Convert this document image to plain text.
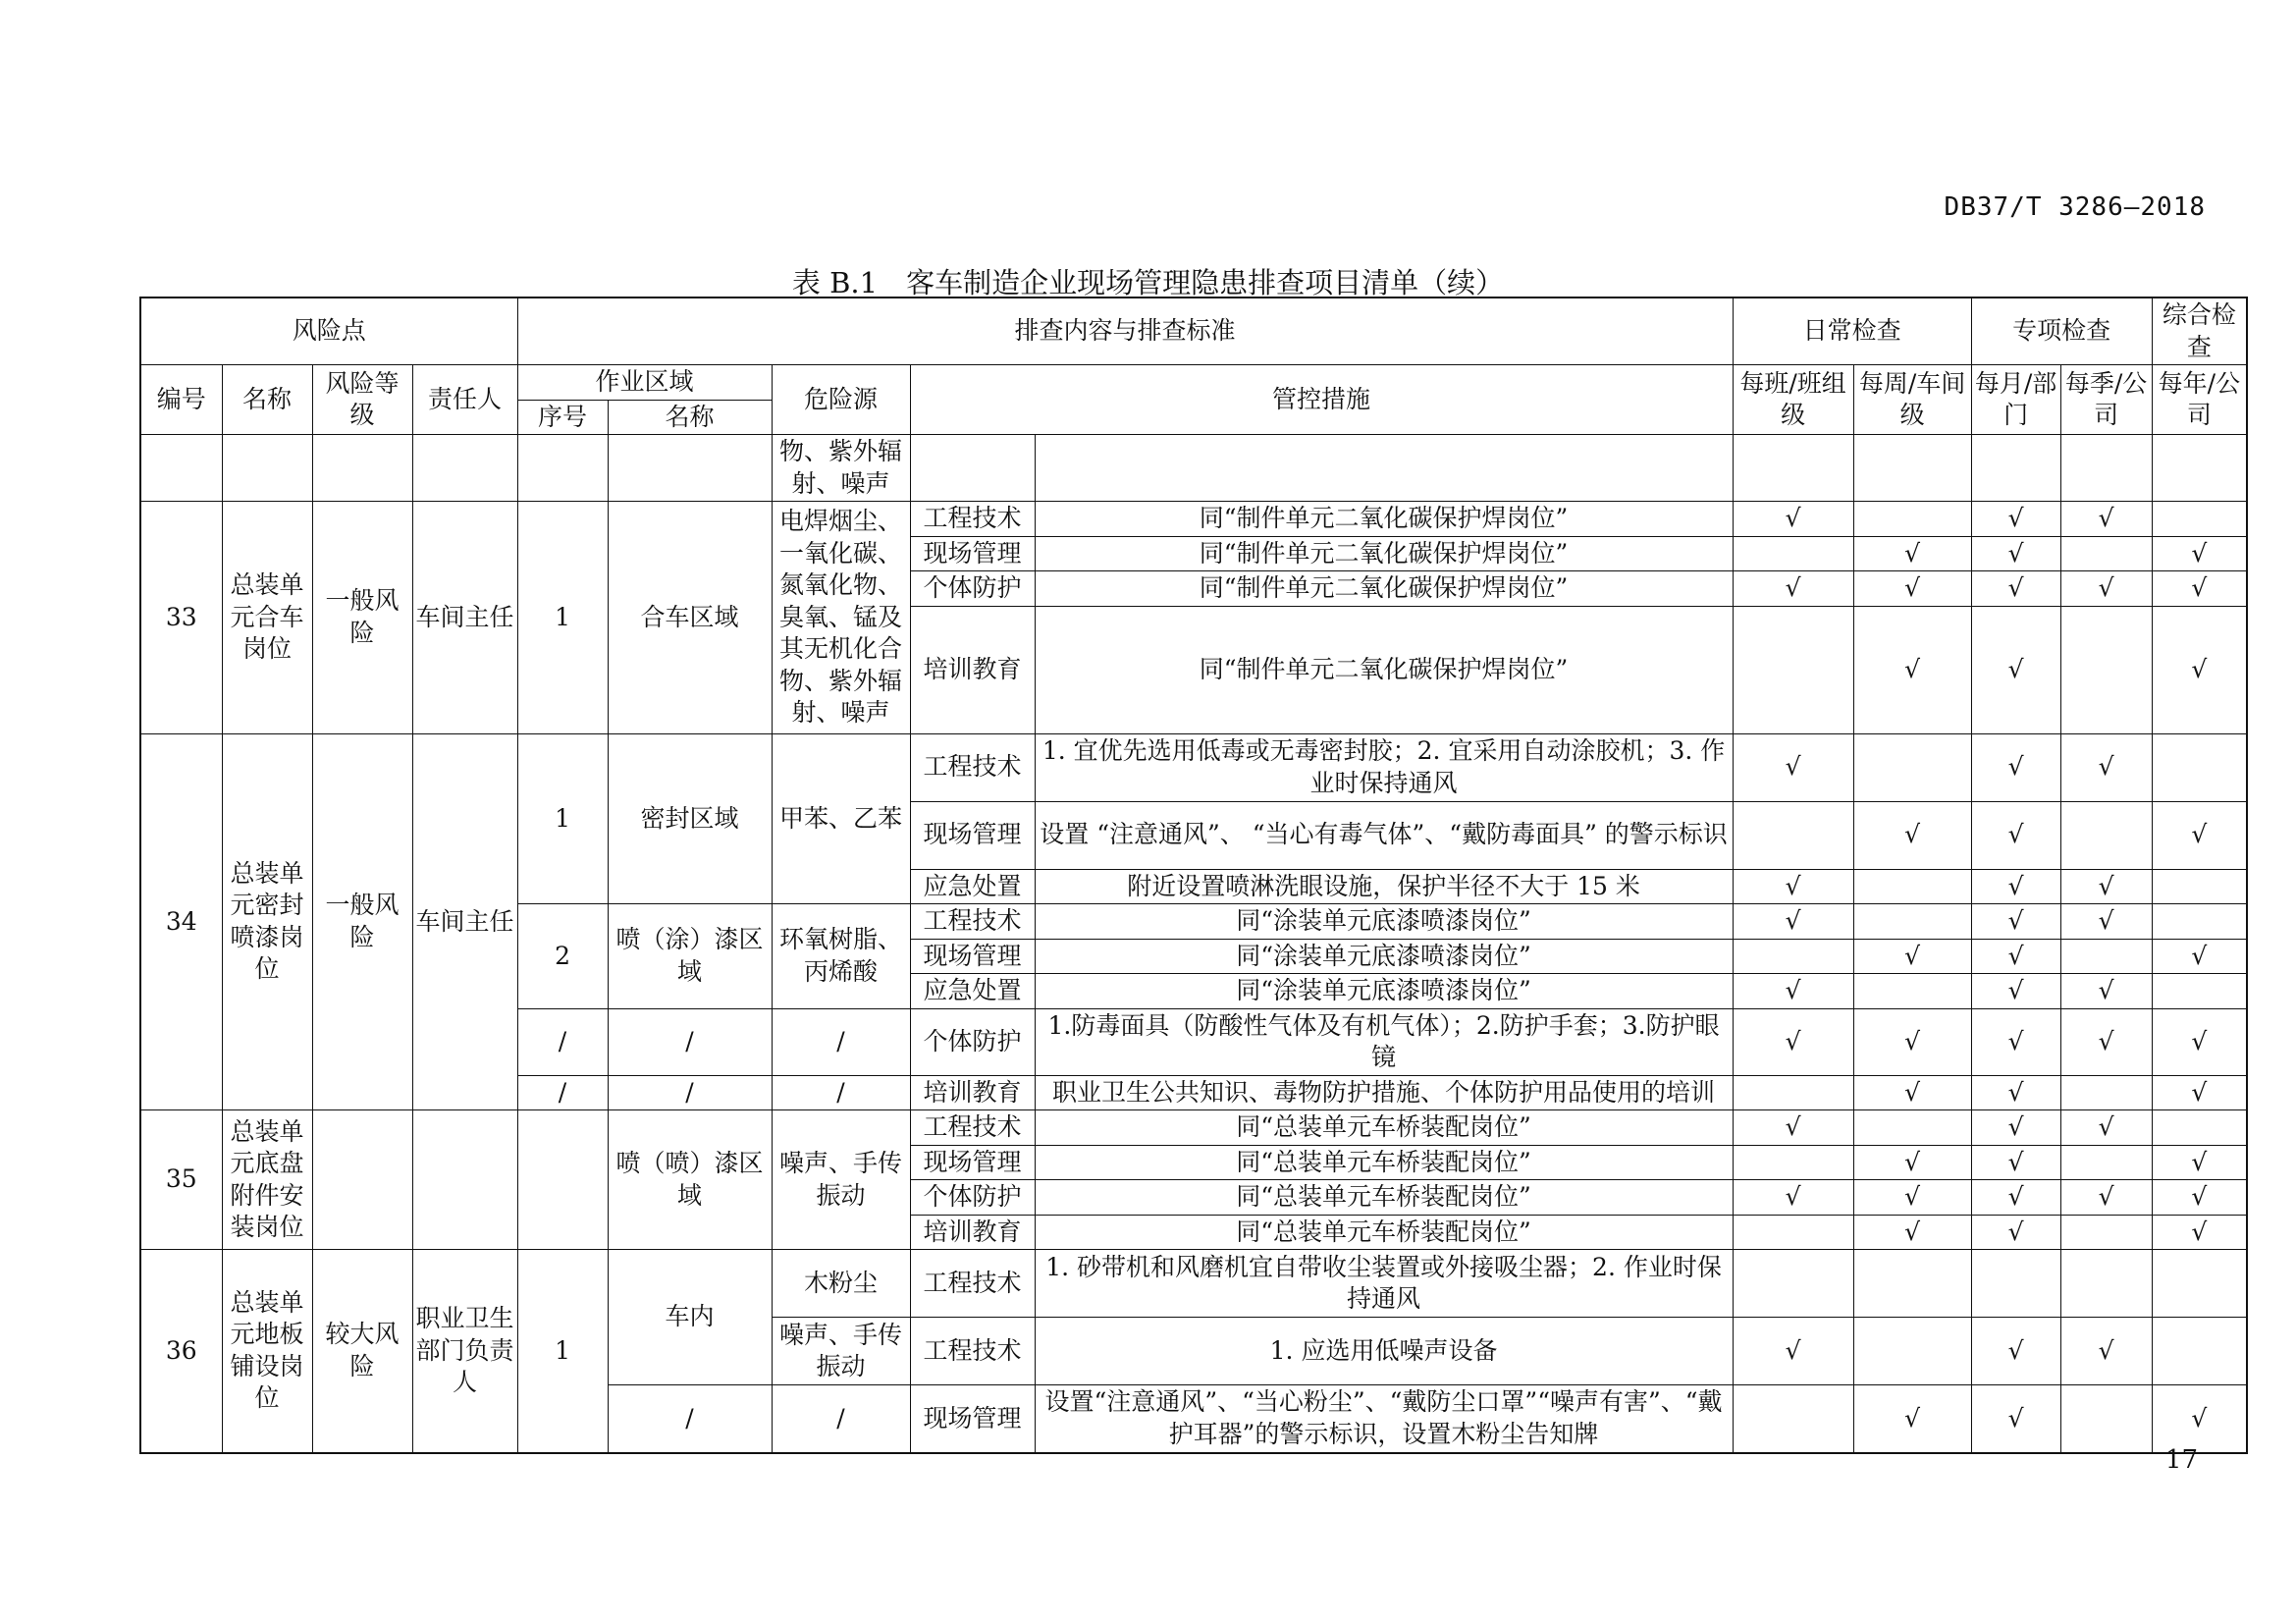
DB37/T 3286—2018
表 B.1　客车制造企业现场管理隐患排查项目清单（续）
风险点				排查内容与排查标准					日常检查		专项检查		综合检查
编号	名称	风险等级	责任人	作业区域		危险源	管控措施		每班/班组级	每周/车间级	每月/部门	每季/公司	每年/公司
				序号	名称								
						物、紫外辐射、噪声							
33	总装单元合车岗位	一般风险	车间主任	1	合车区域	电焊烟尘、一氧化碳、氮氧化物、臭氧、锰及其无机化合物、紫外辐射、噪声	工程技术	同“制件单元二氧化碳保护焊岗位”	√		√	√	
							现场管理	同“制件单元二氧化碳保护焊岗位”		√	√		√
							个体防护	同“制件单元二氧化碳保护焊岗位”	√	√	√	√	√
							培训教育	同“制件单元二氧化碳保护焊岗位”		√	√		√
34	总装单元密封喷漆岗位	一般风险	车间主任	1	密封区域	甲苯、乙苯	工程技术	1. 宜优先选用低毒或无毒密封胶；2. 宜采用自动涂胶机；3. 作业时保持通风	√		√	√	
							现场管理	设置 “注意通风”、 “当心有毒气体”、“戴防毒面具” 的警示标识		√	√		√
							应急处置	附近设置喷淋洗眼设施，保护半径不大于 15 米	√		√	√	
				2	喷（涂）漆区域	环氧树脂、丙烯酸	工程技术	同“涂装单元底漆喷漆岗位”	√		√	√	
							现场管理	同“涂装单元底漆喷漆岗位”		√	√		√
							应急处置	同“涂装单元底漆喷漆岗位”	√		√	√	
				/	/	/	个体防护	1.防毒面具（防酸性气体及有机气体）；2.防护手套；3.防护眼镜	√	√	√	√	√
				/	/	/	培训教育	职业卫生公共知识、毒物防护措施、个体防护用品使用的培训		√	√		√
35	总装单元底盘附件安装岗位				喷（喷）漆区域	噪声、手传振动	工程技术	同“总装单元车桥装配岗位”	√		√	√	
							现场管理	同“总装单元车桥装配岗位”		√	√		√
							个体防护	同“总装单元车桥装配岗位”	√	√	√	√	√
							培训教育	同“总装单元车桥装配岗位”		√	√		√
36	总装单元地板铺设岗位	较大风险	职业卫生部门负责人	1	车内	木粉尘	工程技术	1. 砂带机和风磨机宜自带收尘装置或外接吸尘器；2. 作业时保持通风					
						噪声、手传振动	工程技术	1. 应选用低噪声设备	√		√	√	
					/	/	现场管理	设置“注意通风”、“当心粉尘”、“戴防尘口罩”“噪声有害”、“戴护耳器”的警示标识，设置木粉尘告知牌		√	√		√
17
